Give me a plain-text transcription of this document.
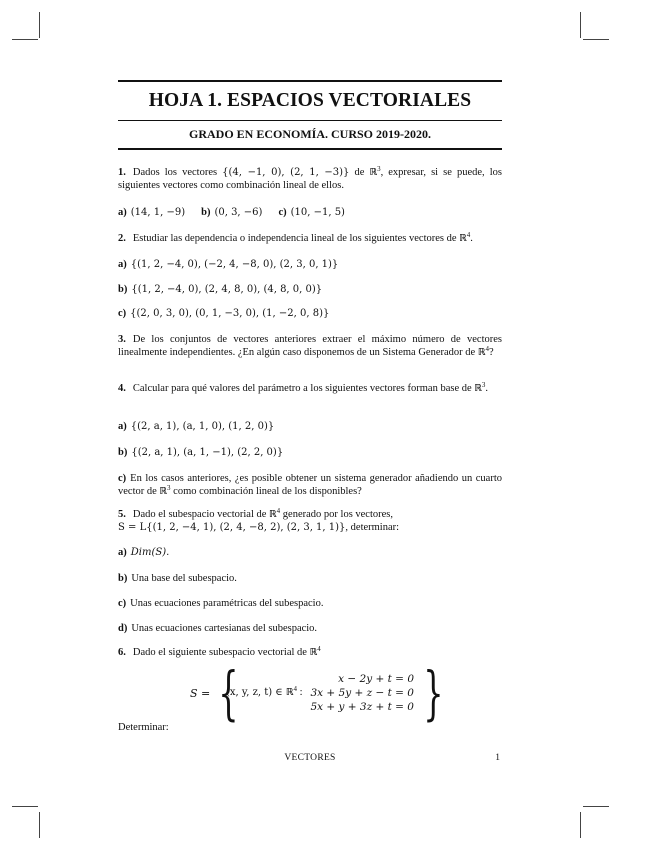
HOJA 1. ESPACIOS VECTORIALES
GRADO EN ECONOMÍA. CURSO 2019-2020.
1. Dados los vectores {(4, −1, 0), (2, 1, −3)} de ℝ$^3$, expresar, si se puede, los siguientes vectores como combinación lineal de ellos.
a) (14, 1, −9) b) (0, 3, −6) c) (10, −1, 5)
2. Estudiar las dependencia o independencia lineal de los siguientes vectores de ℝ$^4$.
a) {(1, 2, −4, 0), (−2, 4, −8, 0), (2, 3, 0, 1)}
b) {(1, 2, −4, 0), (2, 4, 8, 0), (4, 8, 0, 0)}
c) {(2, 0, 3, 0), (0, 1, −3, 0), (1, −2, 0, 8)}
3. De los conjuntos de vectores anteriores extraer el máximo número de vectores linealmente independientes. ¿En algún caso disponemos de un Sistema Generador de ℝ$^4$?
4. Calcular para qué valores del parámetro a los siguientes vectores forman base de ℝ$^3$.
a) {(2, a, 1), (a, 1, 0), (1, 2, 0)}
b) {(2, a, 1), (a, 1, −1), (2, 2, 0)}
c) En los casos anteriores, ¿es posible obtener un sistema generador añadiendo un cuarto vector de ℝ$^3$ como combinación lineal de los disponibles?
5. Dado el subespacio vectorial de ℝ$^4$ generado por los vectores,
S = L{(1, 2, −4, 1), (2, 4, −8, 2), (2, 3, 1, 1)}, determinar:
a) Dim(S).
b) Una base del subespacio.
c) Unas ecuaciones paramétricas del subespacio.
d) Unas ecuaciones cartesianas del subespacio.
6. Dado el siguiente subespacio vectorial de ℝ$^4$
S = {
(x, y, z, t) ∈ ℝ$^4$ :
x − 2y + t = 0
3x + 5y + z − t = 0
5x + y + 3z + t = 0 }
Determinar:
VECTORES	1
